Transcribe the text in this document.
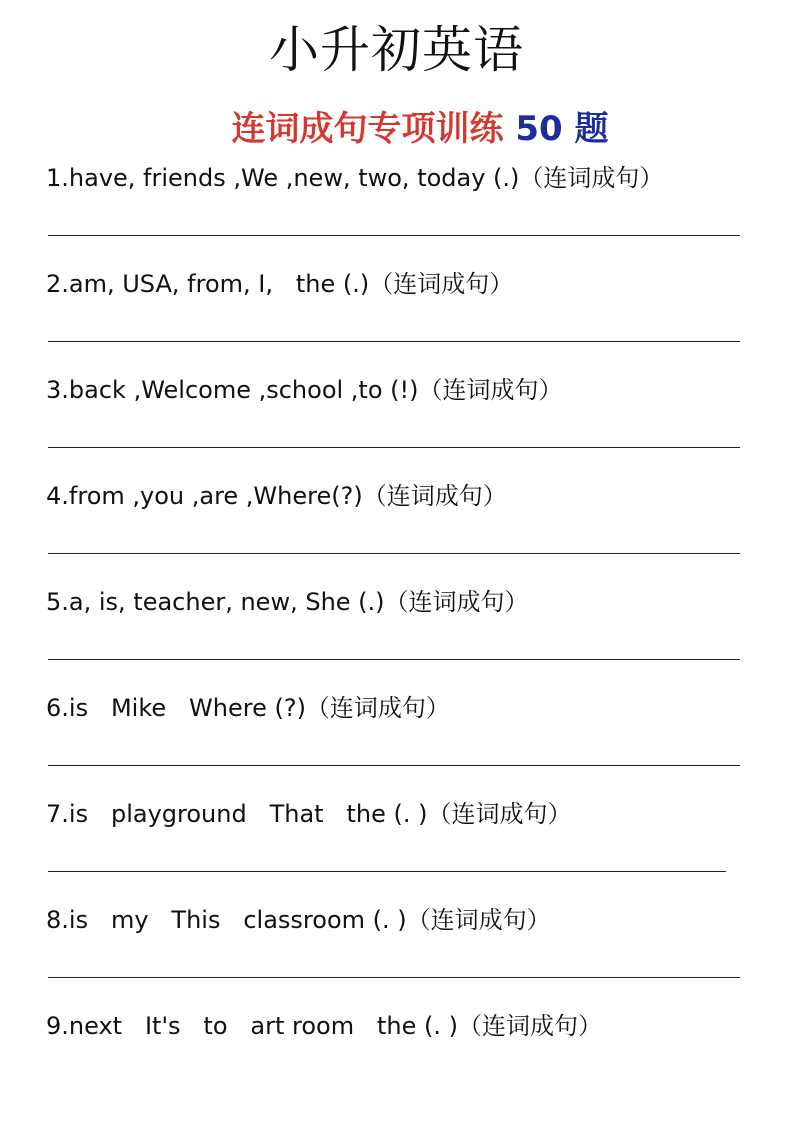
小升初英语
连词成句专项训练 50 题
1.have, friends ,We ,new, two, today (.)（连词成句）
2.am, USA, from, I,   the (.)（连词成句）
3.back ,Welcome ,school ,to (!)（连词成句）
4.from ,you ,are ,Where(?)（连词成句）
5.a, is, teacher, new, She (.)（连词成句）
6.is   Mike   Where (?)（连词成句）
7.is   playground   That   the (. )（连词成句）
8.is   my   This   classroom (. )（连词成句）
9.next   It's   to   art room   the (. )（连词成句）
